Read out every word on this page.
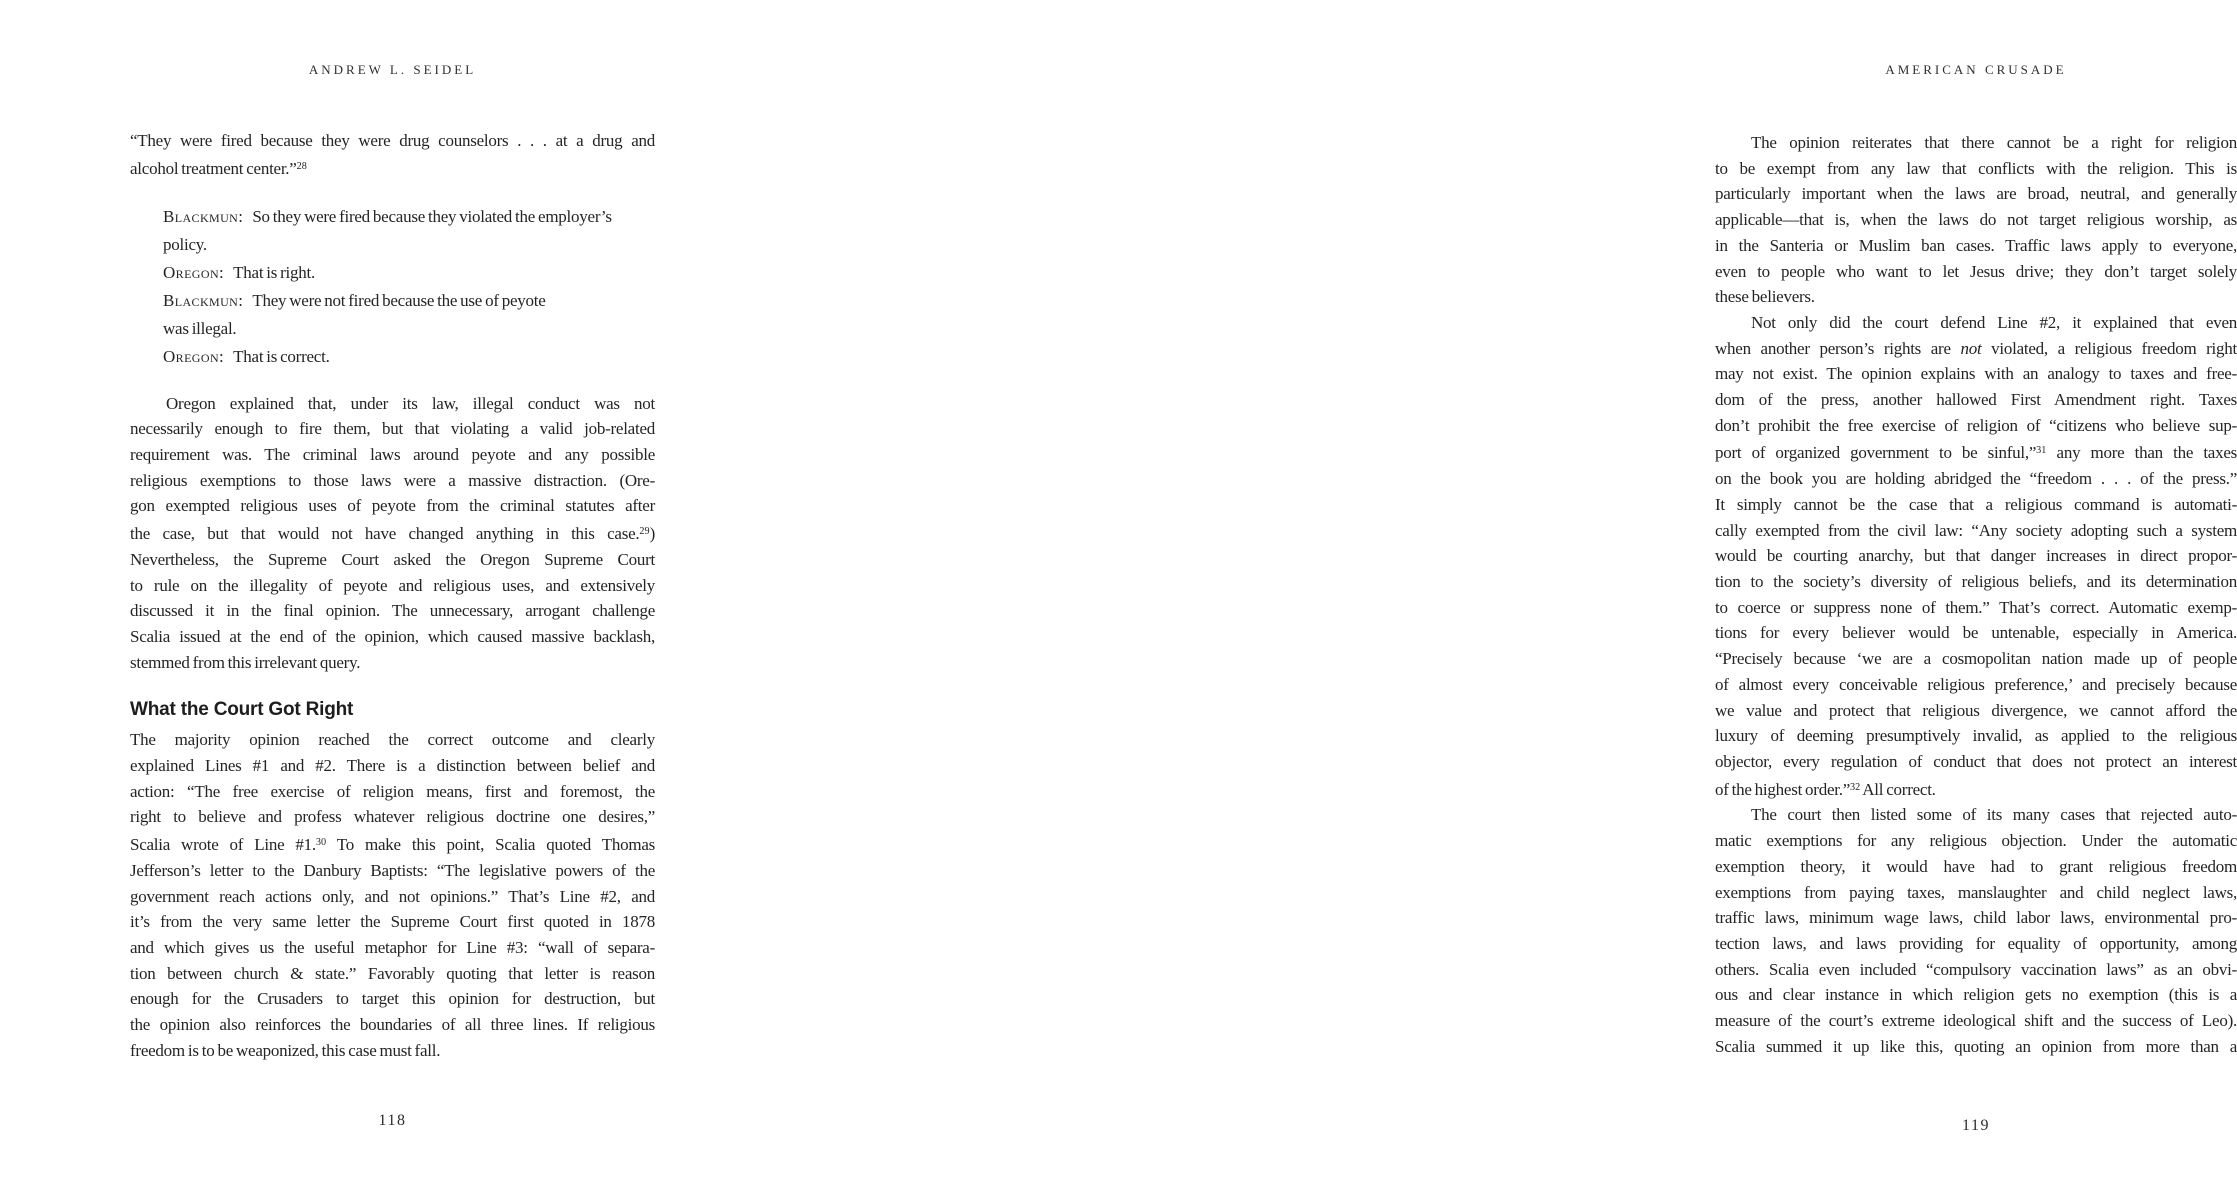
ANDREW L. SEIDEL
“They were fired because they were drug counselors . . . at a drug and
alcohol treatment center.”$^{28}$
Blackmun: So they were fired because they violated the employer’s
policy.
Oregon: That is right.
Blackmun: They were not fired because the use of peyote
was illegal.
Oregon: That is correct.
Oregon explained that, under its law, illegal conduct was not
necessarily enough to fire them, but that violating a valid job-related
requirement was. The criminal laws around peyote and any possible
religious exemptions to those laws were a massive distraction. (Ore-
gon exempted religious uses of peyote from the criminal statutes after
the case, but that would not have changed anything in this case.$^{29}$)
Nevertheless, the Supreme Court asked the Oregon Supreme Court
to rule on the illegality of peyote and religious uses, and extensively
discussed it in the final opinion. The unnecessary, arrogant challenge
Scalia issued at the end of the opinion, which caused massive backlash,
stemmed from this irrelevant query.
What the Court Got Right
The majority opinion reached the correct outcome and clearly
explained Lines #1 and #2. There is a distinction between belief and
action: “The free exercise of religion means, first and foremost, the
right to believe and profess whatever religious doctrine one desires,”
Scalia wrote of Line #1.30 To make this point, Scalia quoted Thomas
Jefferson’s letter to the Danbury Baptists: “The legislative powers of the
government reach actions only, and not opinions.” That’s Line #2, and
it’s from the very same letter the Supreme Court first quoted in 1878
and which gives us the useful metaphor for Line #3: “wall of separa-
tion between church & state.” Favorably quoting that letter is reason
enough for the Crusaders to target this opinion for destruction, but
the opinion also reinforces the boundaries of all three lines. If religious
freedom is to be weaponized, this case must fall.
118
AMERICAN CRUSADE
The opinion reiterates that there cannot be a right for religion
to be exempt from any law that conflicts with the religion. This is
particularly important when the laws are broad, neutral, and generally
applicable—that is, when the laws do not target religious worship, as
in the Santeria or Muslim ban cases. Traffic laws apply to everyone,
even to people who want to let Jesus drive; they don’t target solely
these believers.
Not only did the court defend Line #2, it explained that even
when another person’s rights are not violated, a religious freedom right
may not exist. The opinion explains with an analogy to taxes and free-
dom of the press, another hallowed First Amendment right. Taxes
don’t prohibit the free exercise of religion of “citizens who believe sup-
port of organized government to be sinful,”$^{31}$ any more than the taxes
on the book you are holding abridged the “freedom . . . of the press.”
It simply cannot be the case that a religious command is automati-
cally exempted from the civil law: “Any society adopting such a system
would be courting anarchy, but that danger increases in direct propor-
tion to the society’s diversity of religious beliefs, and its determination
to coerce or suppress none of them.” That’s correct. Automatic exemp-
tions for every believer would be untenable, especially in America.
“Precisely because ‘we are a cosmopolitan nation made up of people
of almost every conceivable religious preference,’ and precisely because
we value and protect that religious divergence, we cannot afford the
luxury of deeming presumptively invalid, as applied to the religious
objector, every regulation of conduct that does not protect an interest
of the highest order.”$^{32}$ All correct.
The court then listed some of its many cases that rejected auto-
matic exemptions for any religious objection. Under the automatic
exemption theory, it would have had to grant religious freedom
exemptions from paying taxes, manslaughter and child neglect laws,
traffic laws, minimum wage laws, child labor laws, environmental pro-
tection laws, and laws providing for equality of opportunity, among
others. Scalia even included “compulsory vaccination laws” as an obvi-
ous and clear instance in which religion gets no exemption (this is a
measure of the court’s extreme ideological shift and the success of Leo).
Scalia summed it up like this, quoting an opinion from more than a
119
